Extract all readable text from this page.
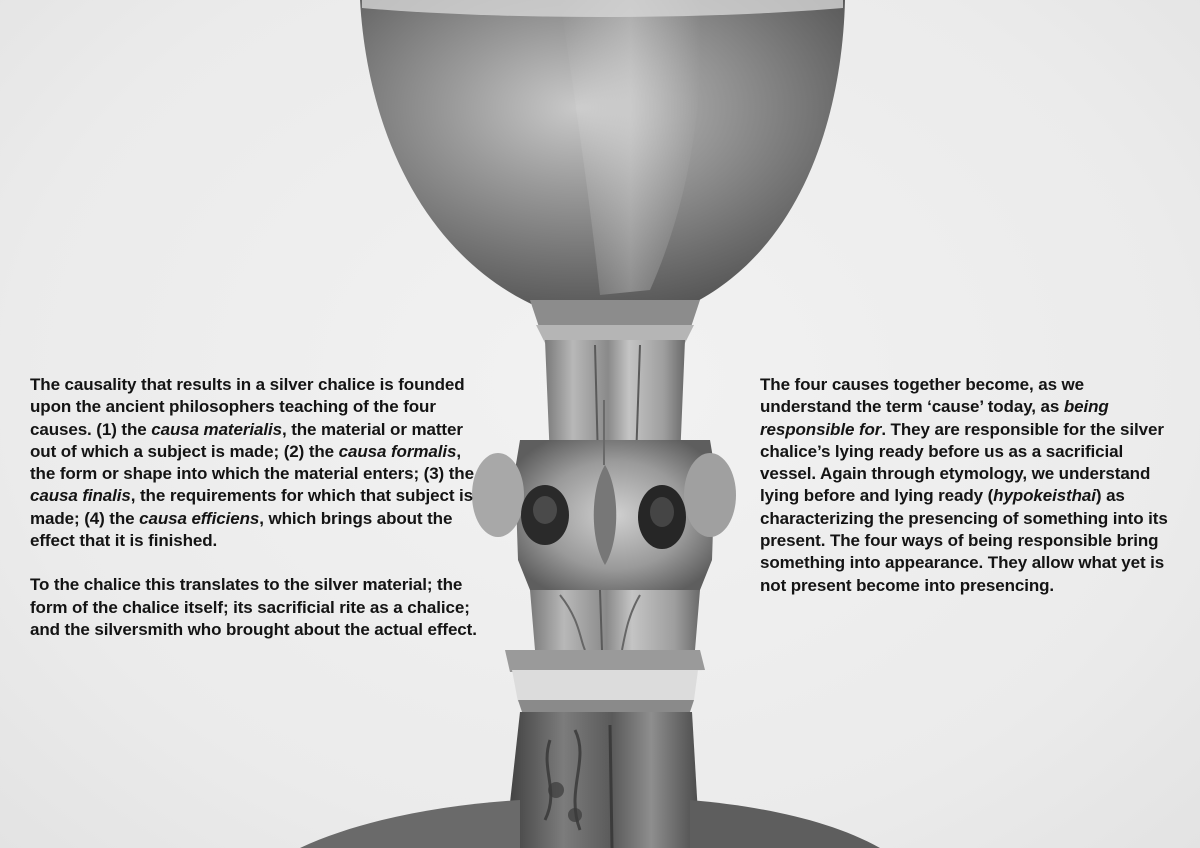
The causality that results in a silver chalice is founded upon the ancient philosophers teaching of the four causes. (1) the causa materialis, the material or matter out of which a subject is made; (2) the causa formalis, the form or shape into which the material enters; (3) the causa finalis, the requirements for which that subject is made; (4) the causa efficiens, which brings about the effect that it is finished.

To the chalice this translates to the silver material; the form of the chalice itself; its sacrificial rite as a chalice; and the silversmith who brought about the actual effect.

The four causes together become, as we understand the term ‘cause’ today, as being responsible for. They are responsible for the silver chalice’s lying ready before us as a sacrificial vessel. Again through etymology, we understand lying before and lying ready (hypokeisthai) as characterizing the presencing of something into its present. The four ways of being responsible bring something into appearance. They allow what yet is not present become into presencing.
